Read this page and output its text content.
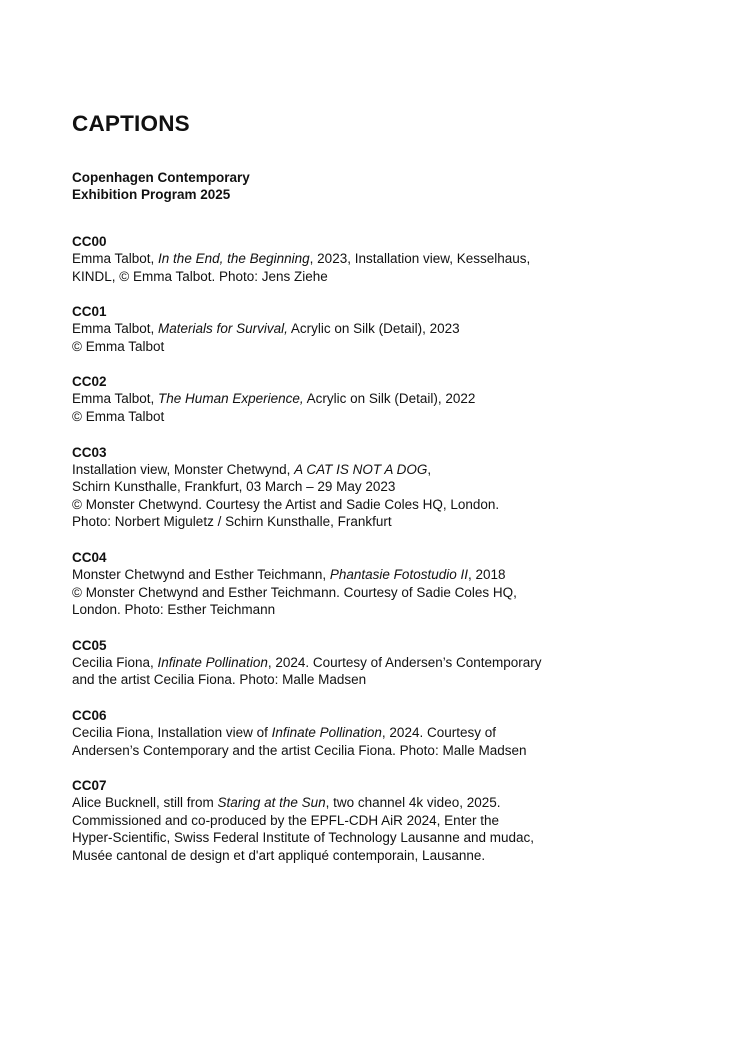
CAPTIONS
Copenhagen Contemporary
Exhibition Program 2025
CC00
Emma Talbot, In the End, the Beginning, 2023, Installation view, Kesselhaus,
KINDL, © Emma Talbot. Photo: Jens Ziehe
CC01
Emma Talbot, Materials for Survival, Acrylic on Silk (Detail), 2023
© Emma Talbot
CC02
Emma Talbot, The Human Experience, Acrylic on Silk (Detail), 2022
© Emma Talbot
CC03
Installation view, Monster Chetwynd, A CAT IS NOT A DOG,
Schirn Kunsthalle, Frankfurt, 03 March – 29 May 2023
© Monster Chetwynd. Courtesy the Artist and Sadie Coles HQ, London.
Photo: Norbert Miguletz / Schirn Kunsthalle, Frankfurt
CC04
Monster Chetwynd and Esther Teichmann, Phantasie Fotostudio II, 2018
© Monster Chetwynd and Esther Teichmann. Courtesy of Sadie Coles HQ,
London. Photo: Esther Teichmann
CC05
Cecilia Fiona, Infinate Pollination, 2024. Courtesy of Andersen’s Contemporary
and the artist Cecilia Fiona. Photo: Malle Madsen
CC06
Cecilia Fiona, Installation view of Infinate Pollination, 2024. Courtesy of
Andersen’s Contemporary and the artist Cecilia Fiona. Photo: Malle Madsen
CC07
Alice Bucknell, still from Staring at the Sun, two channel 4k video, 2025.
Commissioned and co-produced by the EPFL-CDH AiR 2024, Enter the
Hyper-Scientific, Swiss Federal Institute of Technology Lausanne and mudac,
Musée cantonal de design et d'art appliqué contemporain, Lausanne.
